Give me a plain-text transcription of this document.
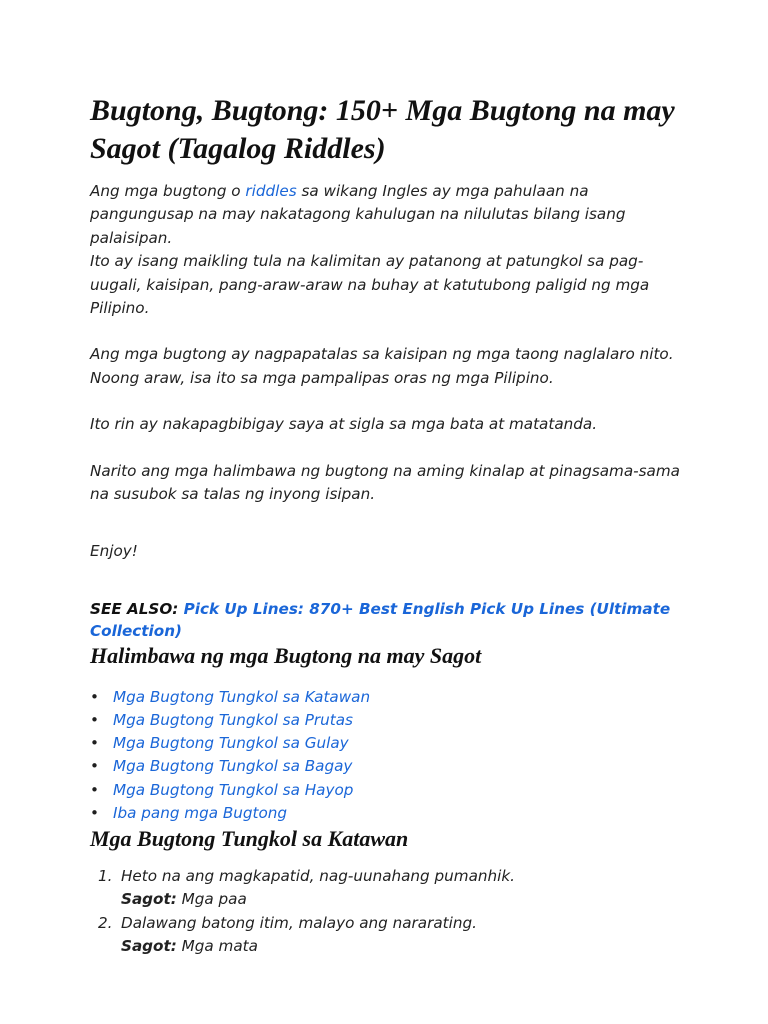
Bugtong, Bugtong: 150+ Mga Bugtong na may Sagot (Tagalog Riddles)

Ang mga bugtong o riddles sa wikang Ingles ay mga pahulaan na pangungusap na may nakatagong kahulugan na nilulutas bilang isang palaisipan.

Ito ay isang maikling tula na kalimitan ay patanong at patungkol sa pag-uugali, kaisipan, pang-araw-araw na buhay at katutubong paligid ng mga Pilipino.

Ang mga bugtong ay nagpapatalas sa kaisipan ng mga taong naglalaro nito. Noong araw, isa ito sa mga pampalipas oras ng mga Pilipino.

Ito rin ay nakapagbibigay saya at sigla sa mga bata at matatanda.

Narito ang mga halimbawa ng bugtong na aming kinalap at pinagsama-sama na susubok sa talas ng inyong isipan.

Enjoy!

SEE ALSO: Pick Up Lines: 870+ Best English Pick Up Lines (Ultimate Collection)

Halimbawa ng mga Bugtong na may Sagot
• Mga Bugtong Tungkol sa Katawan
• Mga Bugtong Tungkol sa Prutas
• Mga Bugtong Tungkol sa Gulay
• Mga Bugtong Tungkol sa Bagay
• Mga Bugtong Tungkol sa Hayop
• Iba pang mga Bugtong
Mga Bugtong Tungkol sa Katawan
1. Heto na ang magkapatid, nag-uunahang pumanhik.
Sagot: Mga paa
2. Dalawang batong itim, malayo ang nararating.
Sagot: Mga mata
